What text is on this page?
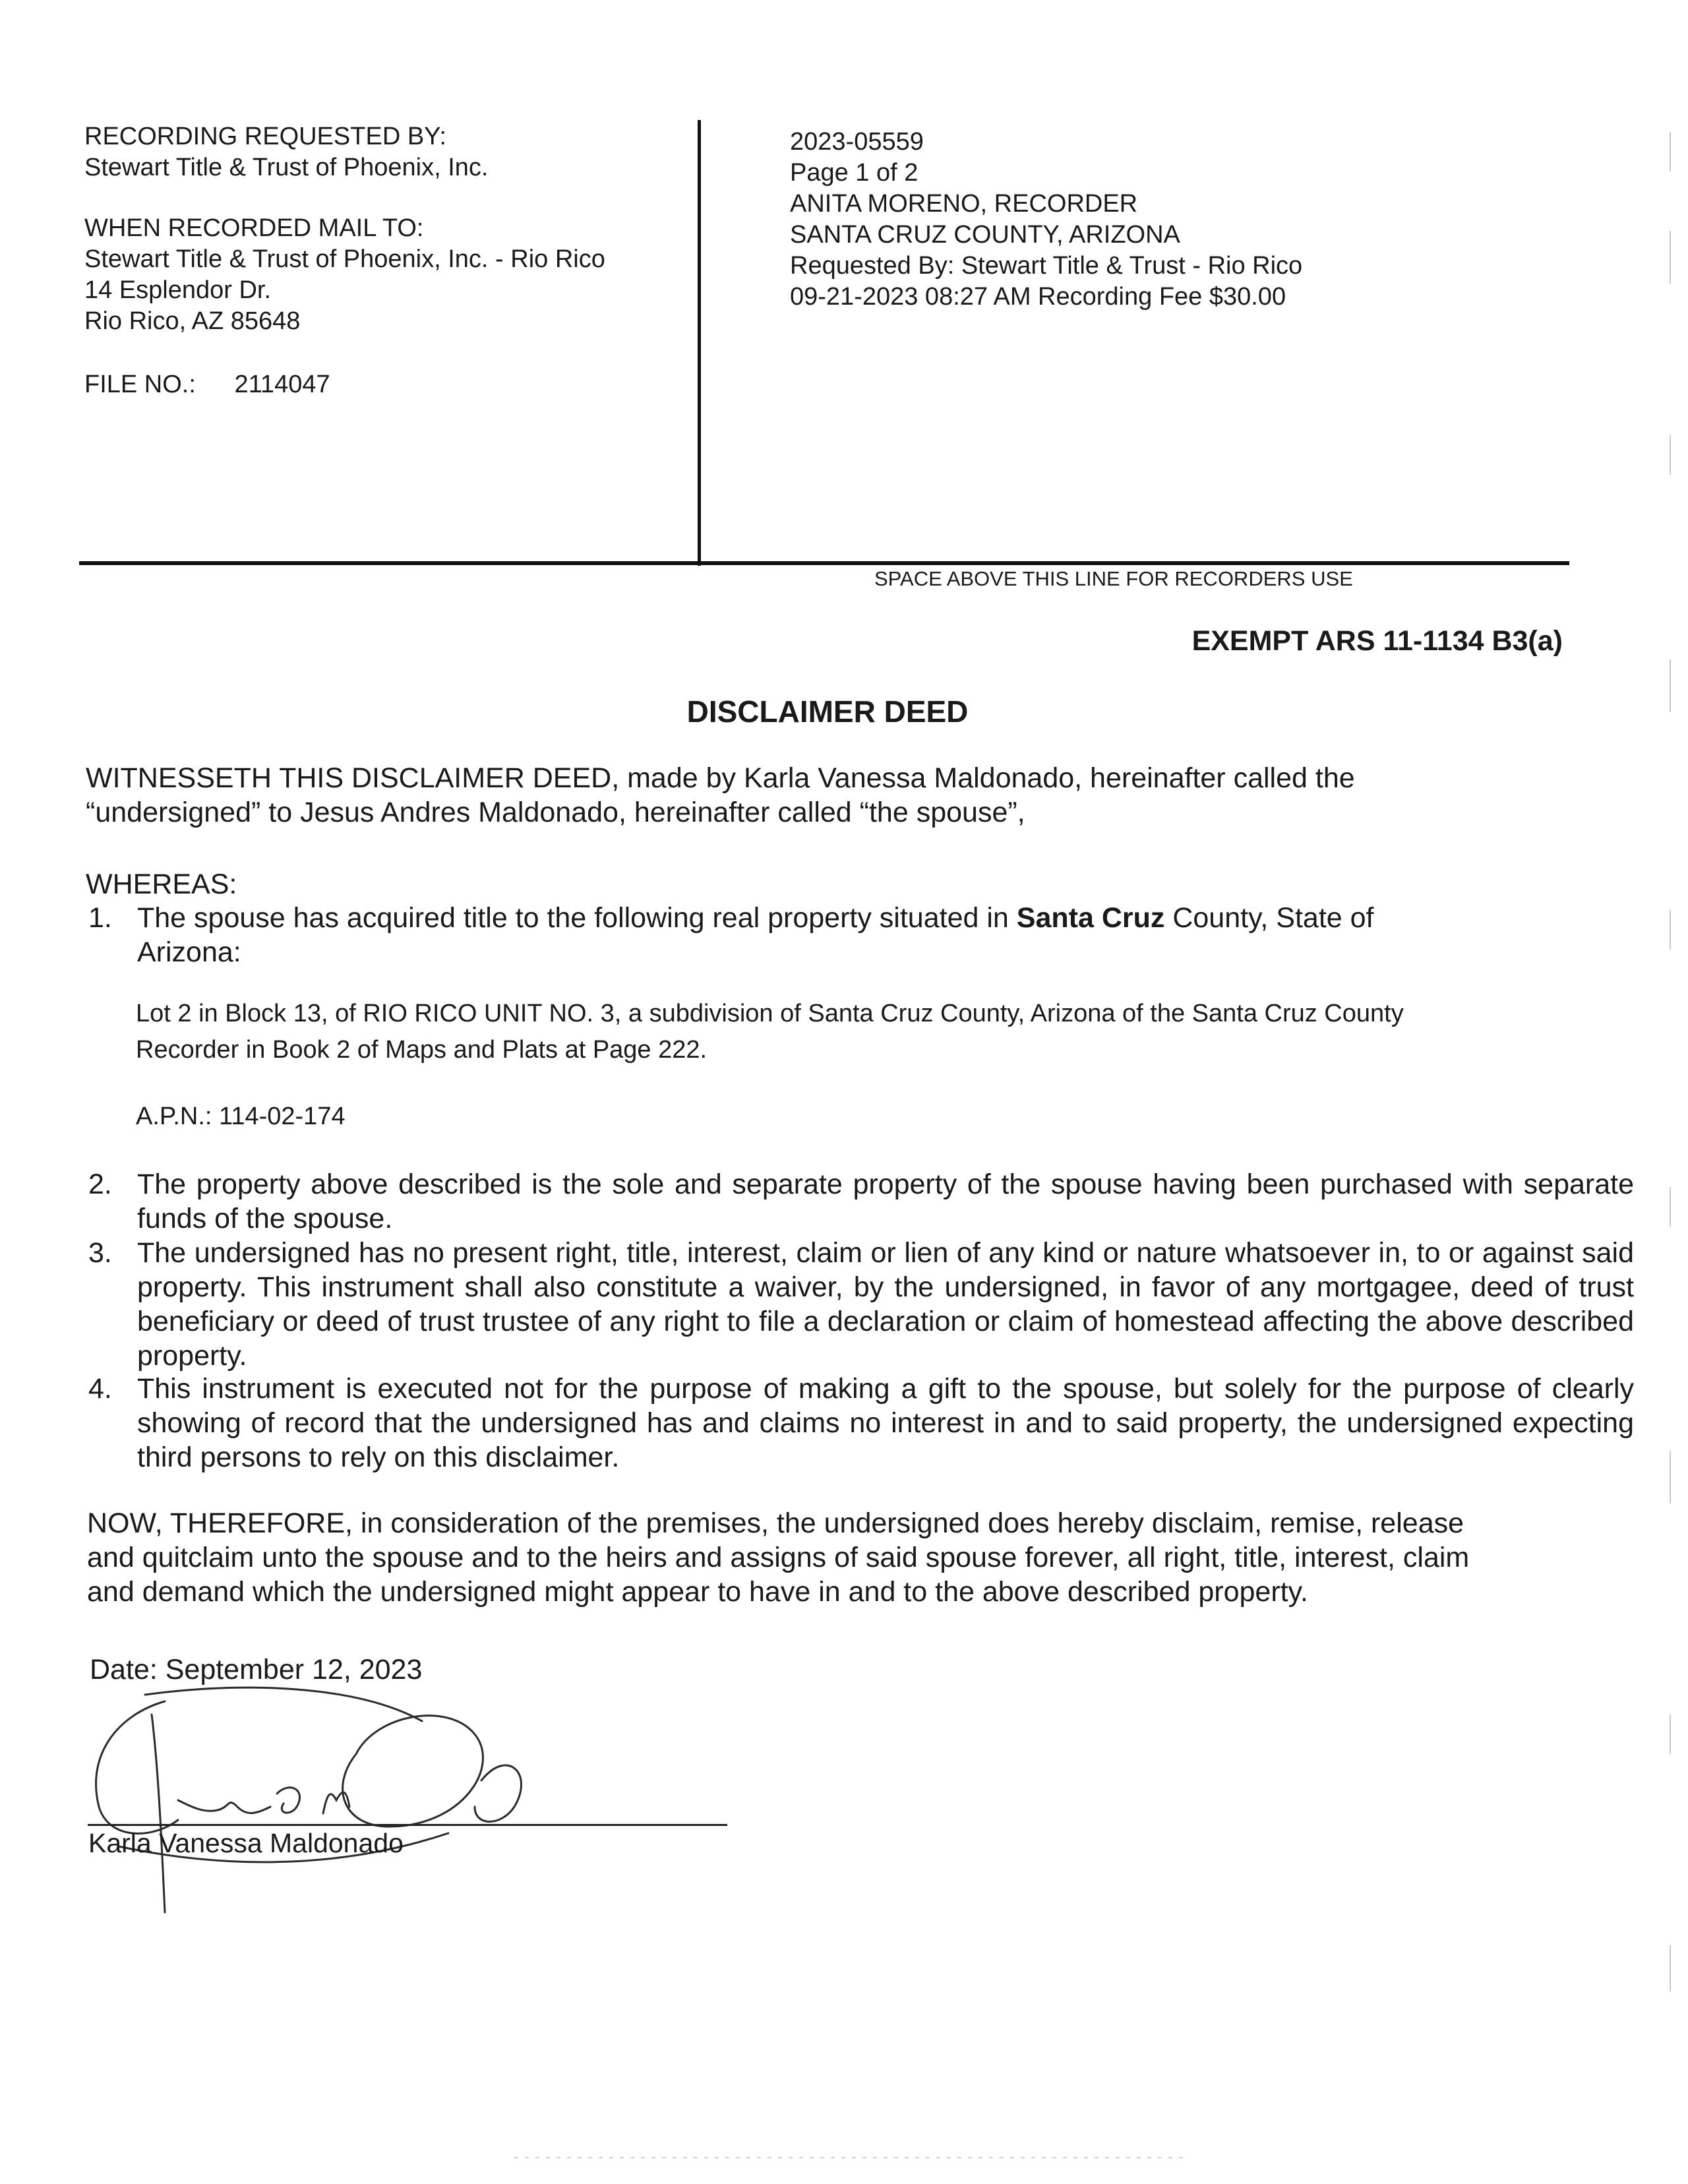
RECORDING REQUESTED BY:
Stewart Title & Trust of Phoenix, Inc.
WHEN RECORDED MAIL TO:
Stewart Title & Trust of Phoenix, Inc. - Rio Rico
14 Esplendor Dr.
Rio Rico, AZ 85648
FILE NO.: 2114047
2023-05559
Page 1 of 2
ANITA MORENO, RECORDER
SANTA CRUZ COUNTY, ARIZONA
Requested By: Stewart Title & Trust - Rio Rico
09-21-2023 08:27 AM Recording Fee $30.00
SPACE ABOVE THIS LINE FOR RECORDERS USE
EXEMPT ARS 11-1134 B3(a)
DISCLAIMER DEED
WITNESSETH THIS DISCLAIMER DEED, made by Karla Vanessa Maldonado, hereinafter called the
“undersigned” to Jesus Andres Maldonado, hereinafter called “the spouse”,
WHEREAS:
1. The spouse has acquired title to the following real property situated in Santa Cruz County, State of
Arizona:
Lot 2 in Block 13, of RIO RICO UNIT NO. 3, a subdivision of Santa Cruz County, Arizona of the Santa Cruz County
Recorder in Book 2 of Maps and Plats at Page 222.
A.P.N.: 114-02-174
2. The property above described is the sole and separate property of the spouse having been purchased with separate funds of the spouse.
3. The undersigned has no present right, title, interest, claim or lien of any kind or nature whatsoever in, to or against said property. This instrument shall also constitute a waiver, by the undersigned, in favor of any mortgagee, deed of trust beneficiary or deed of trust trustee of any right to file a declaration or claim of homestead affecting the above described property.
4. This instrument is executed not for the purpose of making a gift to the spouse, but solely for the purpose of clearly showing of record that the undersigned has and claims no interest in and to said property, the undersigned expecting third persons to rely on this disclaimer.
NOW, THEREFORE, in consideration of the premises, the undersigned does hereby disclaim, remise, release
and quitclaim unto the spouse and to the heirs and assigns of said spouse forever, all right, title, interest, claim
and demand which the undersigned might appear to have in and to the above described property.
Date: September 12, 2023
Karla Vanessa Maldonado
